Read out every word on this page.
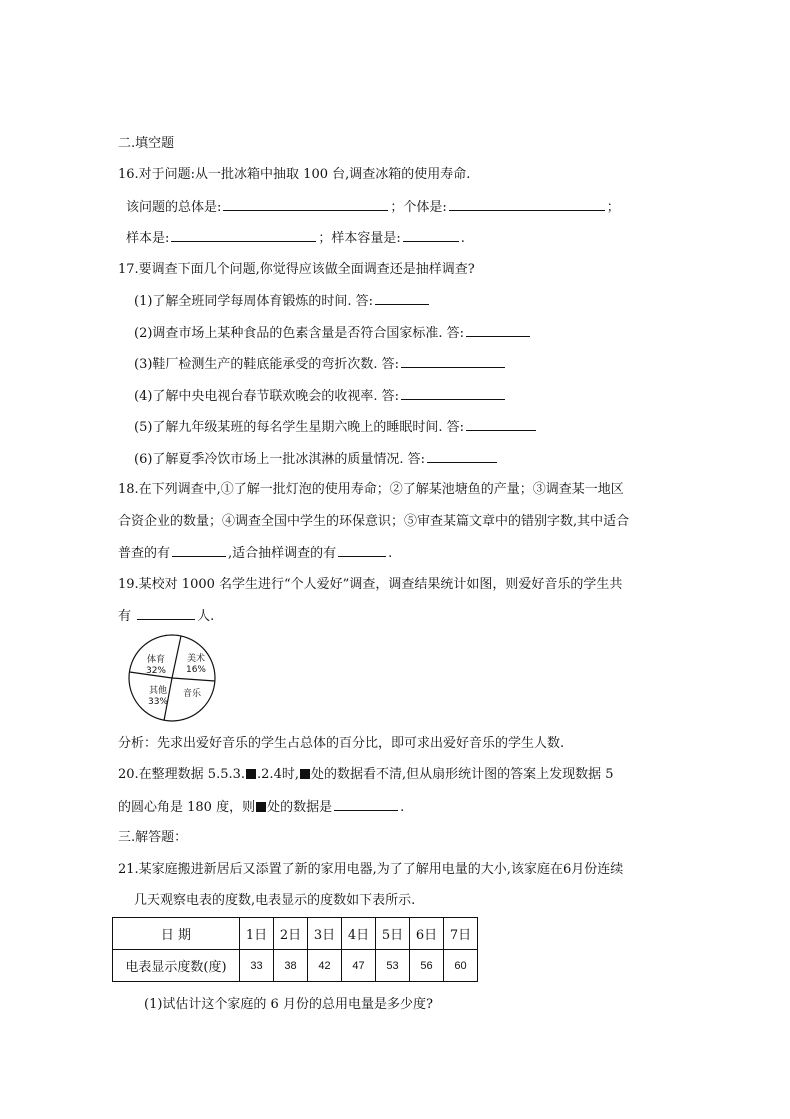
二.填空题
16.对于问题:从一批冰箱中抽取 100 台,调查冰箱的使用寿命.
该问题的总体是:	；个体是:	；
样本是:	；样本容量是:	.
17.要调查下面几个问题,你觉得应该做全面调查还是抽样调查?
(1)了解全班同学每周体育锻炼的时间. 答:
(2)调查市场上某种食品的色素含量是否符合国家标准. 答:
(3)鞋厂检测生产的鞋底能承受的弯折次数. 答:
(4)了解中央电视台春节联欢晚会的收视率. 答:
(5)了解九年级某班的每名学生星期六晚上的睡眠时间. 答:
(6)了解夏季冷饮市场上一批冰淇淋的质量情况. 答:
18.在下列调查中,①了解一批灯泡的使用寿命；②了解某池塘鱼的产量；③调查某一地区
合资企业的数量；④调查全国中学生的环保意识；⑤审查某篇文章中的错别字数,其中适合
普查的有	,适合抽样调查的有	.
19.某校对 1000 名学生进行“个人爱好”调查，调查结果统计如图，则爱好音乐的学生共
有	人.
体育
32%
美术
16%
音乐
其他
33%
分析：先求出爱好音乐的学生占总体的百分比，即可求出爱好音乐的学生人数.
20.在整理数据 5.5.3. .2.4时, 处的数据看不清,但从扇形统计图的答案上发现数据 5
的圆心角是 180 度，则 处的数据是	.
三.解答题：
21.某家庭搬进新居后又添置了新的家用电器,为了了解用电量的大小,该家庭在6月份连续
几天观察电表的度数,电表显示的度数如下表所示.
日 期	1日	2日	3日	4日	5日	6日	7日
电表显示度数(度)	33	38	42	47	53	56	60
(1)试估计这个家庭的 6 月份的总用电量是多少度?
